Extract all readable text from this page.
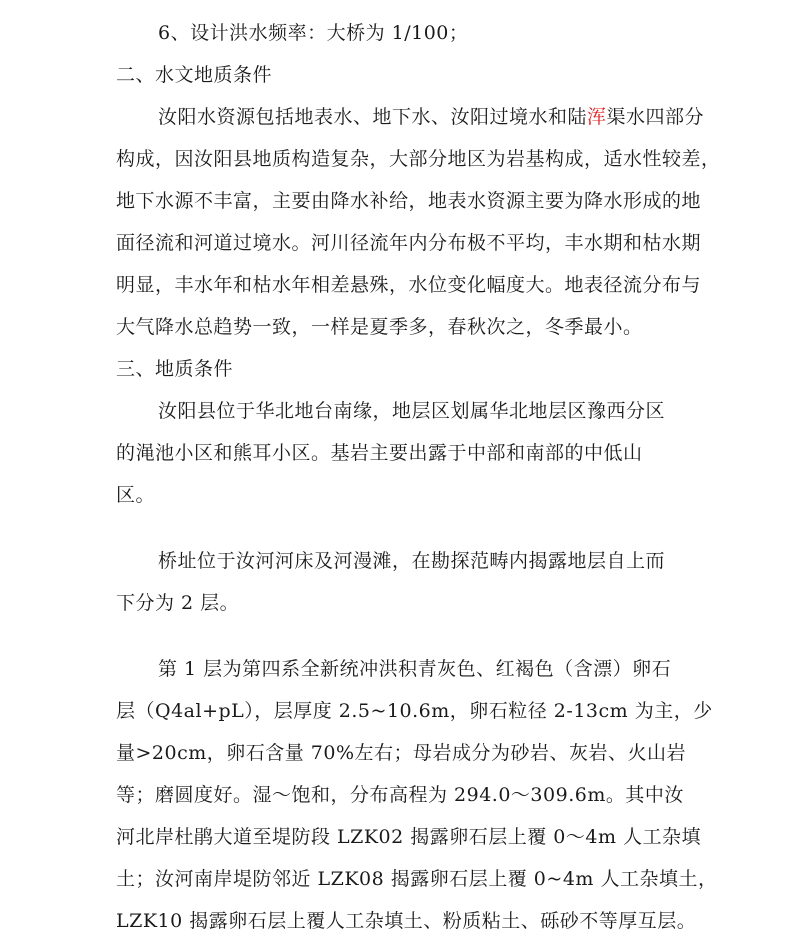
6、设计洪水频率：大桥为 1/100；
二、水文地质条件
汝阳水资源包括地表水、地下水、汝阳过境水和陆浑渠水四部分
构成，因汝阳县地质构造复杂，大部分地区为岩基构成，适水性较差，
地下水源不丰富，主要由降水补给，地表水资源主要为降水形成的地
面径流和河道过境水。河川径流年内分布极不平均，丰水期和枯水期
明显，丰水年和枯水年相差悬殊，水位变化幅度大。地表径流分布与
大气降水总趋势一致，一样是夏季多，春秋次之，冬季最小。
三、地质条件
汝阳县位于华北地台南缘，地层区划属华北地层区豫西分区
的渑池小区和熊耳小区。基岩主要出露于中部和南部的中低山
区。
桥址位于汝河河床及河漫滩，在勘探范畴内揭露地层自上而
下分为 2 层。
第 1 层为第四系全新统冲洪积青灰色、红褐色（含漂）卵石
层（Q4al+pL），层厚度 2.5~10.6m，卵石粒径 2-13cm 为主，少
量>20cm，卵石含量 70%左右；母岩成分为砂岩、灰岩、火山岩
等；磨圆度好。湿～饱和，分布高程为 294.0～309.6m。其中汝
河北岸杜鹃大道至堤防段 LZK02 揭露卵石层上覆 0～4m 人工杂填
土；汝河南岸堤防邻近 LZK08 揭露卵石层上覆 0~4m 人工杂填土，
LZK10 揭露卵石层上覆人工杂填土、粉质粘土、砾砂不等厚互层。
